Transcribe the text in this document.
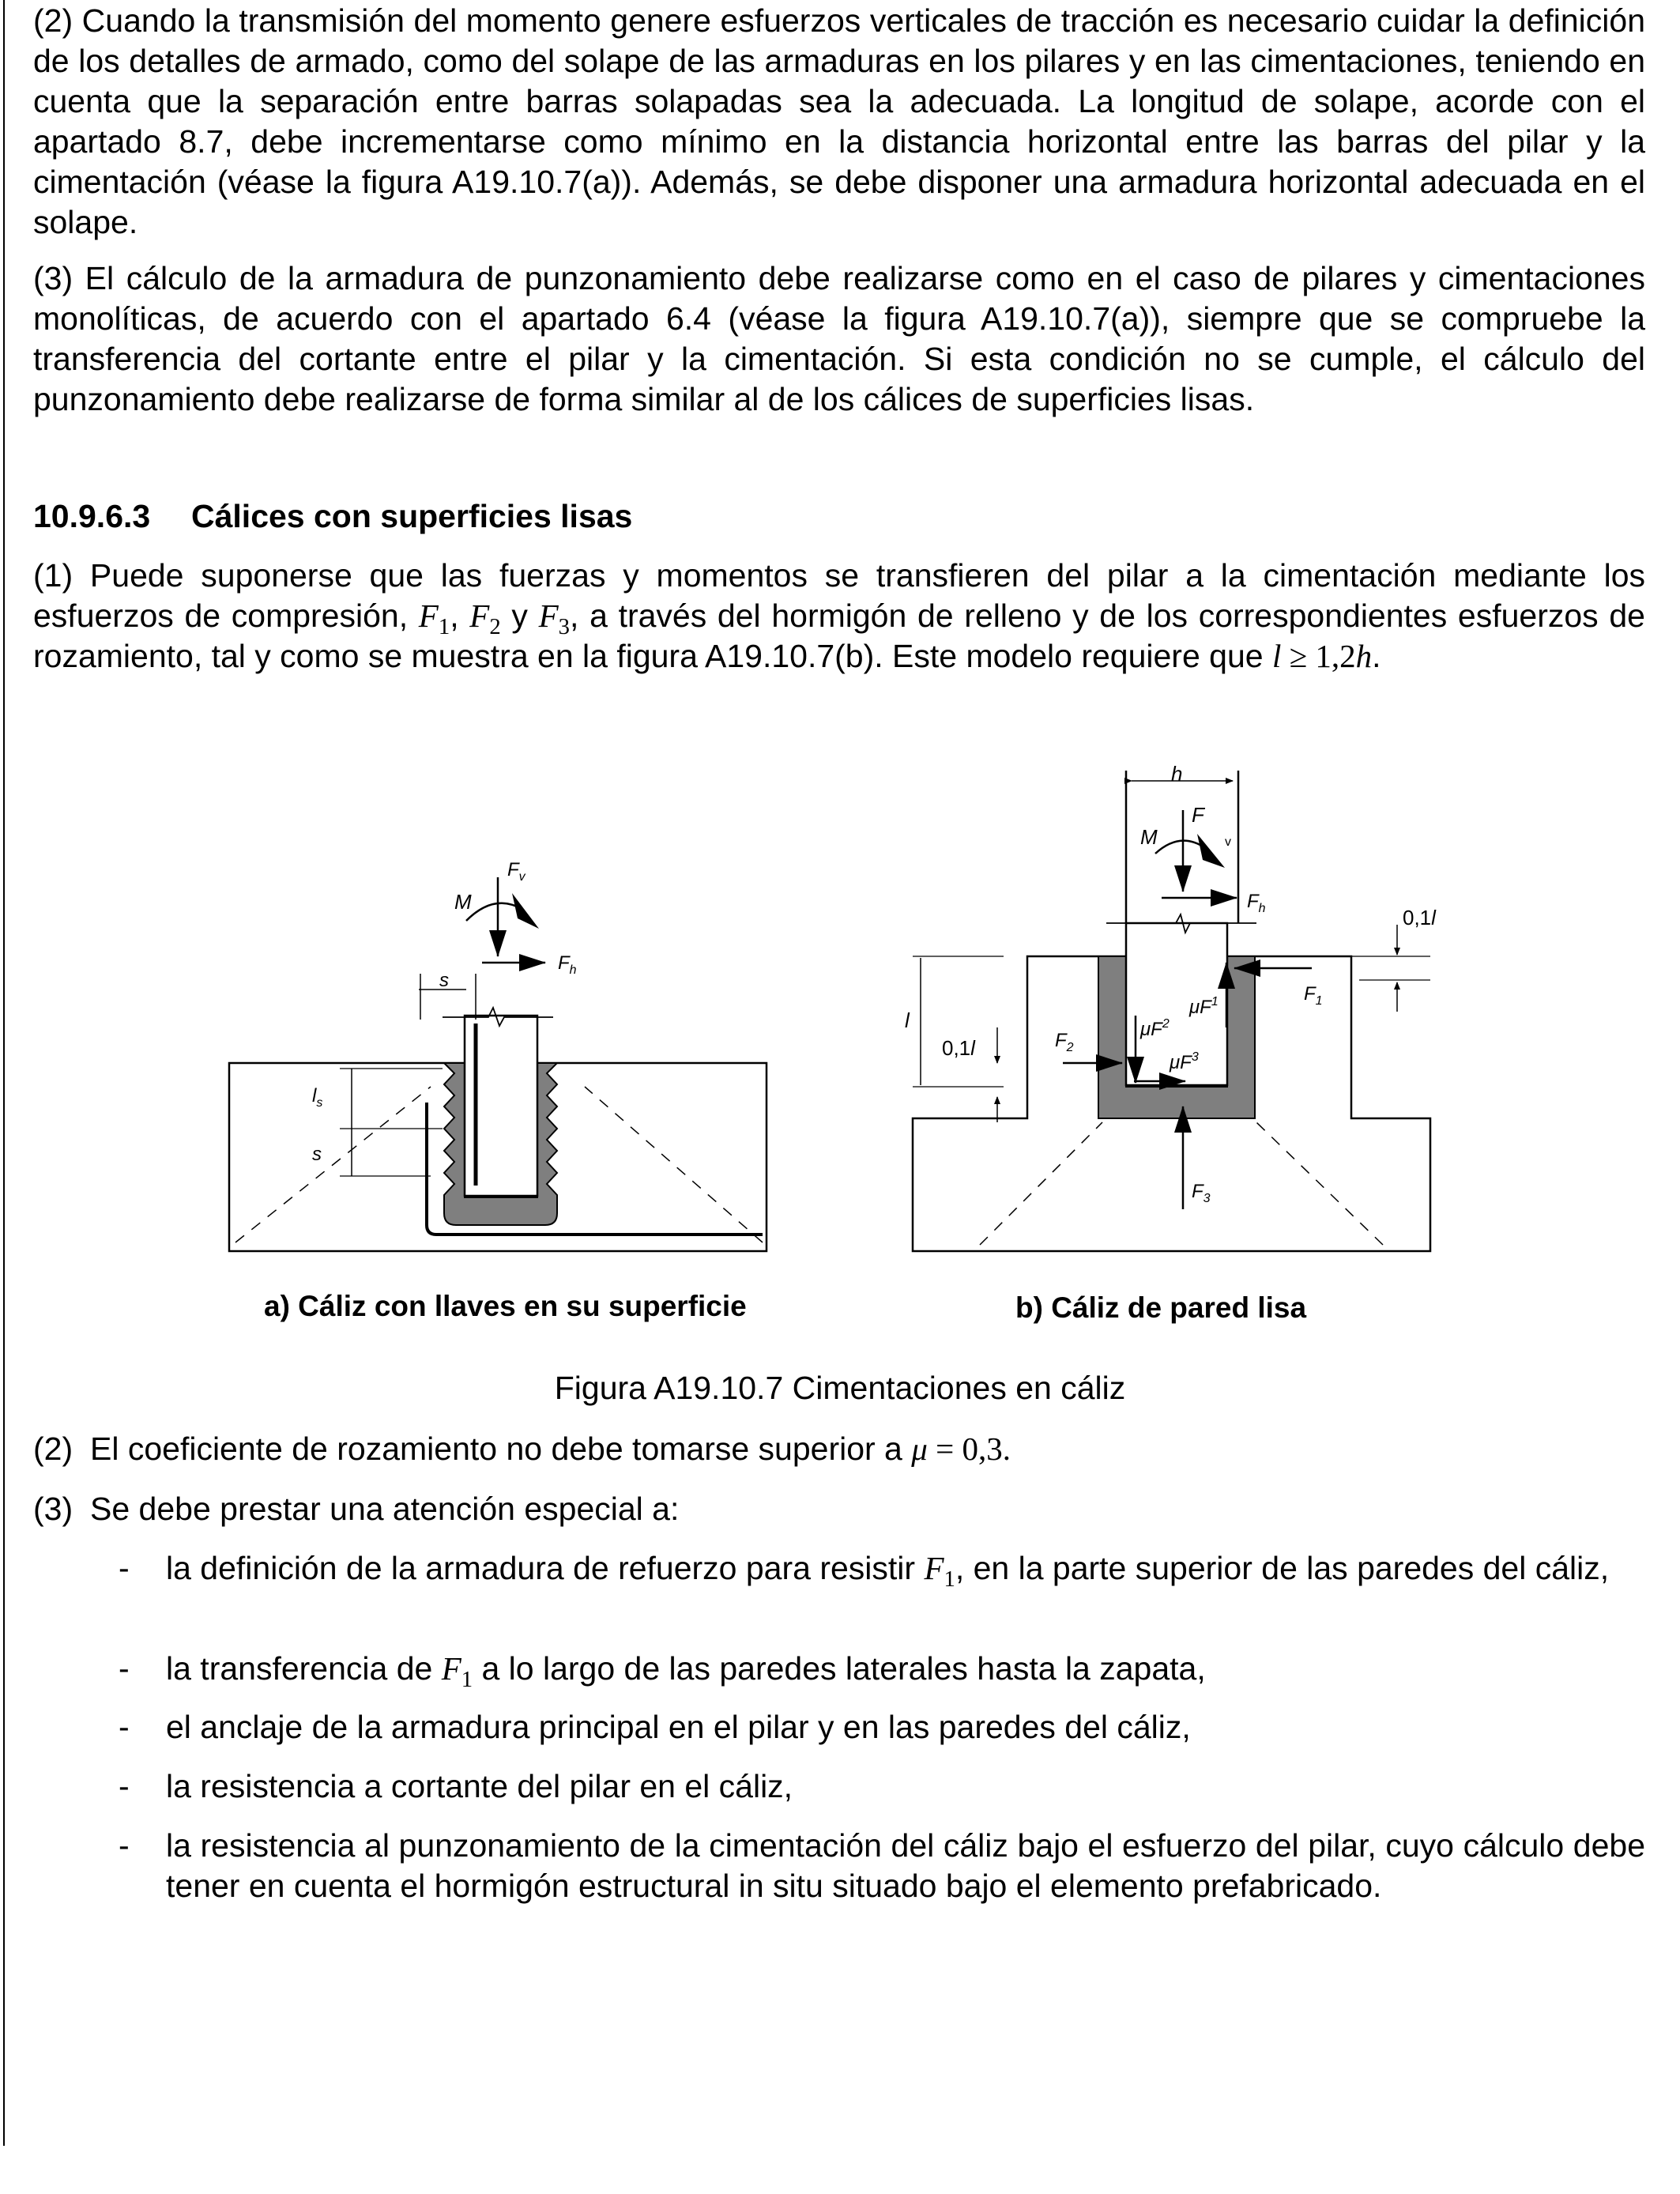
(2) Cuando la transmisión del momento genere esfuerzos verticales de tracción es necesario cuidar la definición de los detalles de armado, como del solape de las armaduras en los pilares y en las cimentaciones, teniendo en cuenta que la separación entre barras solapadas sea la adecuada. La longitud de solape, acorde con el apartado 8.7, debe incrementarse como mínimo en la distancia horizontal entre las barras del pilar y la cimentación (véase la figura A19.10.7(a)). Además, se debe disponer una armadura horizontal adecuada en el solape.

(3) El cálculo de la armadura de punzonamiento debe realizarse como en el caso de pilares y cimentaciones monolíticas, de acuerdo con el apartado 6.4 (véase la figura A19.10.7(a)), siempre que se compruebe la transferencia del cortante entre el pilar y la cimentación. Si esta condición no se cumple, el cálculo del punzonamiento debe realizarse de forma similar al de los cálices de superficies lisas.

10.9.6.3 Cálices con superficies lisas

(1) Puede suponerse que las fuerzas y momentos se transfieren del pilar a la cimentación mediante los esfuerzos de compresión, $F_1$, $F_2$ y $F_3$, a través del hormigón de relleno y de los correspondientes esfuerzos de rozamiento, tal y como se muestra en la figura A19.10.7(b). Este modelo requiere que l ≥ 1,2h.

$F_v$
M
$F_h$
s
$l_s$
s
h
F
v
M
$F_h$	0,1l
l
0,1l	$F_2$
$F_1$
$\mu F^1$
$\mu F^2$
$\mu F^3$
$F_3$
a) Cáliz con llaves en su superficie	b) Cáliz de pared lisa
Figura A19.10.7 Cimentaciones en cáliz

(2) El coeficiente de rozamiento no debe tomarse superior a μ = 0,3.

(3) Se debe prestar una atención especial a:

- la definición de la armadura de refuerzo para resistir $F_1$, en la parte superior de las paredes del cáliz,

- la transferencia de $F_1$ a lo largo de las paredes laterales hasta la zapata,

- el anclaje de la armadura principal en el pilar y en las paredes del cáliz,

- la resistencia a cortante del pilar en el cáliz,

- la resistencia al punzonamiento de la cimentación del cáliz bajo el esfuerzo del pilar, cuyo cálculo debe tener en cuenta el hormigón estructural in situ situado bajo el elemento prefabricado.
